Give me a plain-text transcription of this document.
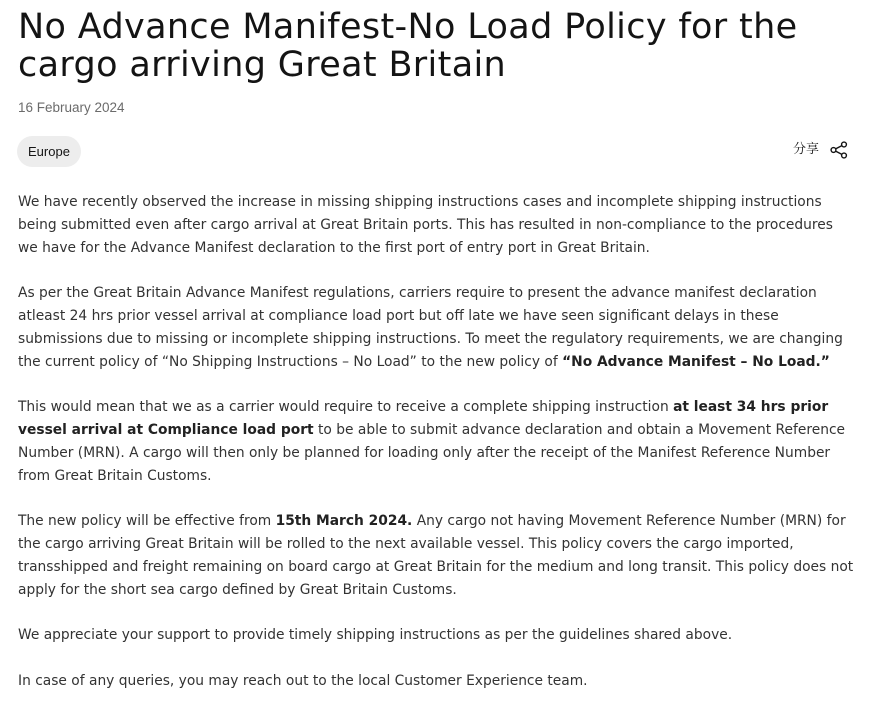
No Advance Manifest-No Load Policy for the cargo arriving Great Britain
16 February 2024
Europe	分享

We have recently observed the increase in missing shipping instructions cases and incomplete shipping instructions being submitted even after cargo arrival at Great Britain ports. This has resulted in non-compliance to the procedures we have for the Advance Manifest declaration to the first port of entry port in Great Britain.

As per the Great Britain Advance Manifest regulations, carriers require to present the advance manifest declaration atleast 24 hrs prior vessel arrival at compliance load port but off late we have seen significant delays in these submissions due to missing or incomplete shipping instructions. To meet the regulatory requirements, we are changing the current policy of “No Shipping Instructions – No Load” to the new policy of “No Advance Manifest – No Load.”

This would mean that we as a carrier would require to receive a complete shipping instruction at least 34 hrs prior vessel arrival at Compliance load port to be able to submit advance declaration and obtain a Movement Reference Number (MRN). A cargo will then only be planned for loading only after the receipt of the Manifest Reference Number from Great Britain Customs.

The new policy will be effective from 15th March 2024. Any cargo not having Movement Reference Number (MRN) for the cargo arriving Great Britain will be rolled to the next available vessel. This policy covers the cargo imported, transshipped and freight remaining on board cargo at Great Britain for the medium and long transit. This policy does not apply for the short sea cargo defined by Great Britain Customs.

We appreciate your support to provide timely shipping instructions as per the guidelines shared above.

In case of any queries, you may reach out to the local Customer Experience team.
